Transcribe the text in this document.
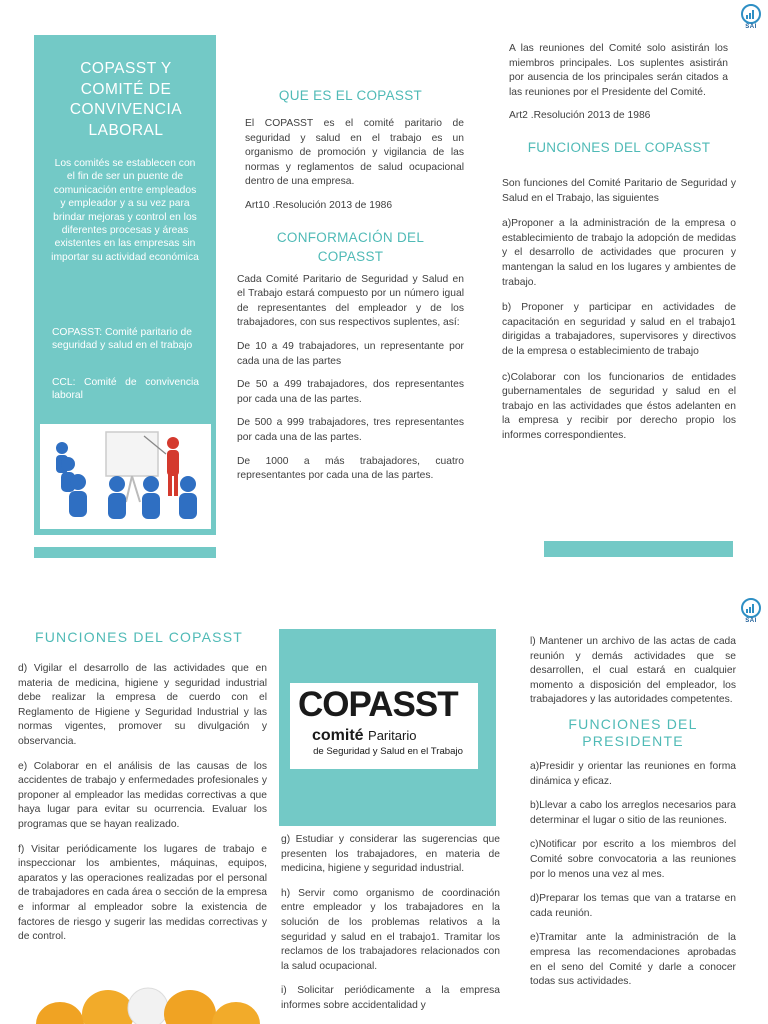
SAI
COPASST Y COMITÉ DE CONVIVENCIA LABORAL
Los comités se establecen con el fin de ser un puente de comunicación entre empleados y empleador y a su vez para brindar mejoras y control en los diferentes procesas y áreas existentes en las empresas sin importar su actividad económica
COPASST: Comité paritario de seguridad y salud en el trabajo
CCL: Comité de convivencia laboral
QUE ES EL COPASST

El COPASST es el comité paritario de seguridad y salud en el trabajo es un organismo de promoción y vigilancia de las normas y reglamentos de salud ocupacional dentro de una empresa.

Art10 .Resolución 2013 de 1986

CONFORMACIÓN DEL COPASST

Cada Comité Paritario de Seguridad y Salud en el Trabajo estará compuesto por un número igual de representantes del empleador y de los trabajadores, con sus respectivos suplentes, así:

De 10 a 49 trabajadores, un representante por cada una de las partes

De 50 a 499 trabajadores, dos representantes por cada una de las partes.

De 500 a 999 trabajadores, tres representantes por cada una de las partes.

De 1000 a más trabajadores, cuatro representantes por cada una de las partes.

A las reuniones del Comité solo asistirán los miembros principales. Los suplentes asistirán por ausencia de los principales serán citados a las reuniones por el Presidente del Comité.

Art2 .Resolución 2013 de 1986

FUNCIONES DEL COPASST

Son funciones del Comité Paritario de Seguridad y Salud en el Trabajo, las siguientes

a)Proponer a la administración de la empresa o establecimiento de trabajo la adopción de medidas y el desarrollo de actividades que procuren y mantengan la salud en los lugares y ambientes de trabajo.

b) Proponer y participar en actividades de capacitación en seguridad y salud en el trabajo1 dirigidas a trabajadores, supervisores y directivos de la empresa o establecimiento de trabajo

c)Colaborar con los funcionarios de entidades gubernamentales de seguridad y salud en el trabajo en las actividades que éstos adelanten en la empresa y recibir por derecho propio los informes correspondientes.

SAI
FUNCIONES DEL COPASST

d) Vigilar el desarrollo de las actividades que en materia de medicina, higiene y seguridad industrial debe realizar la empresa de cuerdo con el Reglamento de Higiene y Seguridad Industrial y las normas vigentes, promover su divulgación y observancia.

e) Colaborar en el análisis de las causas de los accidentes de trabajo y enfermedades profesionales y proponer al empleador las medidas correctivas a que haya lugar para evitar su ocurrencia. Evaluar los programas que se hayan realizado.

f) Visitar periódicamente los lugares de trabajo e inspeccionar los ambientes, máquinas, equipos, aparatos y las operaciones realizadas por el personal de trabajadores en cada área o sección de la empresa e informar al empleador sobre la existencia de factores de riesgo y sugerir las medidas correctivas y de control.

COPASST
comité Paritario
de Seguridad y Salud en el Trabajo

g) Estudiar y considerar las sugerencias que presenten los trabajadores, en materia de medicina, higiene y seguridad industrial.

h) Servir como organismo de coordinación entre empleador y los trabajadores en la solución de los problemas relativos a la seguridad y salud en el trabajo1. Tramitar los reclamos de los trabajadores relacionados con la salud ocupacional.

i) Solicitar periódicamente a la empresa informes sobre accidentalidad y

l) Mantener un archivo de las actas de cada reunión y demás actividades que se desarrollen, el cual estará en cualquier momento a disposición del empleador, los trabajadores y las autoridades competentes.

FUNCIONES DEL PRESIDENTE

a)Presidir y orientar las reuniones en forma dinámica y eficaz.

b)Llevar a cabo los arreglos necesarios para determinar el lugar o sitio de las reuniones.

c)Notificar por escrito a los miembros del Comité sobre convocatoria a las reuniones por lo menos una vez al mes.

d)Preparar los temas que van a tratarse en cada reunión.

e)Tramitar ante la administración de la empresa las recomendaciones aprobadas en el seno del Comité y darle a conocer todas sus actividades.
